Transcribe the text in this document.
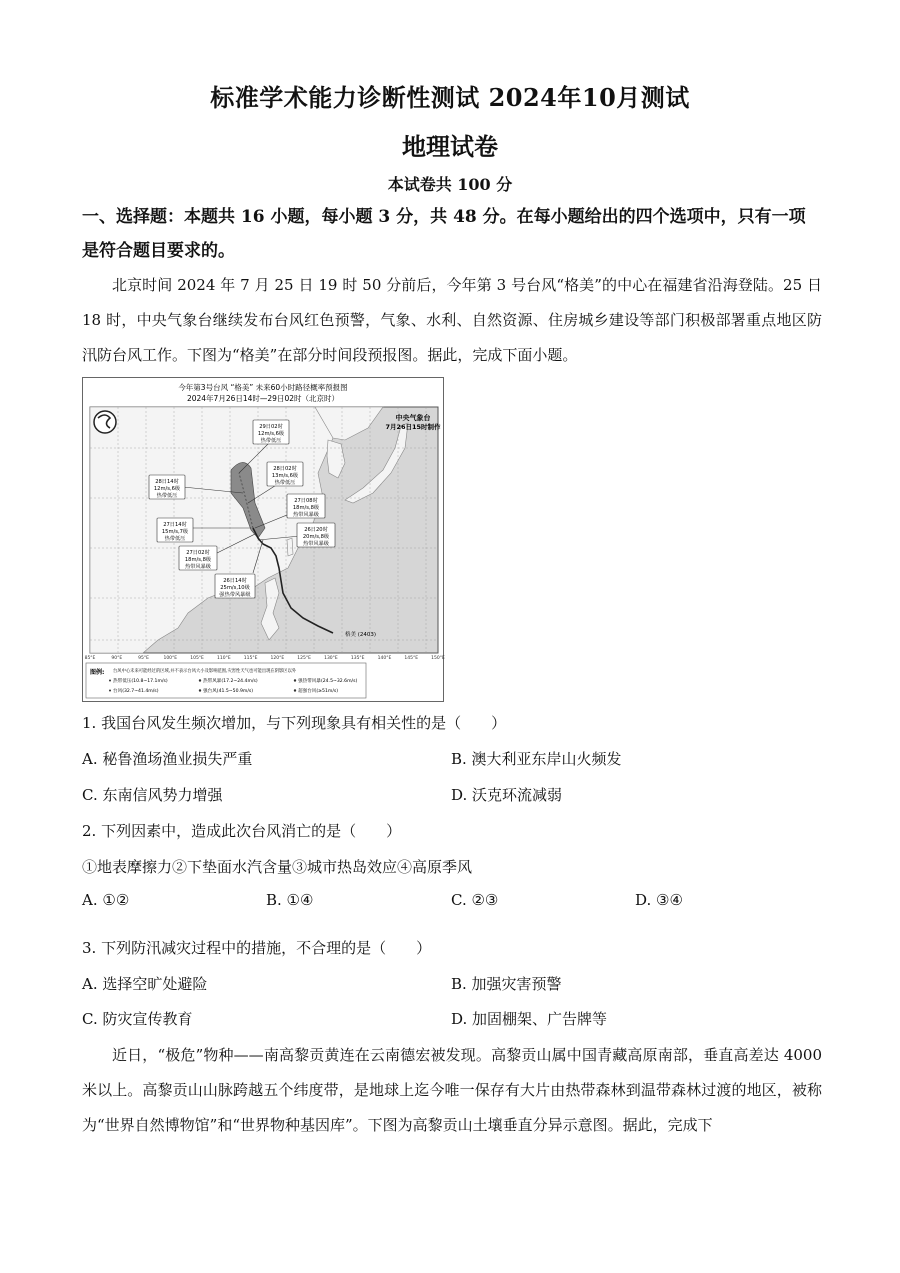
标准学术能力诊断性测试 2024年10月测试
地理试卷
本试卷共 100 分
一、选择题：本题共 16 小题，每小题 3 分，共 48 分。在每小题给出的四个选项中，只有一项
是符合题目要求的。
北京时间 2024 年 7 月 25 日 19 时 50 分前后，今年第 3 号台风“格美”的中心在福建省沿海登陆。25 日 18 时，中央气象台继续发布台风红色预警，气象、水利、自然资源、住房城乡建设等部门积极部署重点地区防汛防台风工作。下图为“格美”在部分时间段预报图。据此，完成下面小题。
今年第3号台风 “格美” 未来60小时路径概率预报图
2024年7月26日14时—29日02时（北京时）
中央气象台
7月26日15时制作
格美 (2403)
29日02时
12m/s,6级
热带低压
28日02时
13m/s,6级
热带低压
28日14时
12m/s,6级
热带低压
27日08时
18m/s,8级
热带风暴级
27日14时
15m/s,7级
热带低压
26日20时
20m/s,8级
热带风暴级
27日02时
18m/s,8级
热带风暴级
26日14时
25m/s,10级
强热带风暴级
85°E	90°E	95°E	100°E	105°E	110°E	115°E	120°E	125°E	130°E	135°E	140°E	145°E	150°E
图例: 台风中心未来可能经过的区域,并不表示台风大小及影响范围,灾害性天气也可能出现在阴影区以外
热带低压(10.8~17.1m/s)	热带风暴(17.2~24.4m/s)	强热带风暴(24.5~32.6m/s)
台风(32.7~41.4m/s)	强台风(41.5~50.9m/s)	超强台风(≥51m/s)
1. 我国台风发生频次增加，与下列现象具有相关性的是（　　）
A. 秘鲁渔场渔业损失严重	B. 澳大利亚东岸山火频发
C. 东南信风势力增强	D. 沃克环流减弱
2. 下列因素中，造成此次台风消亡的是（　　）
①地表摩擦力②下垫面水汽含量③城市热岛效应④高原季风
A. ①②	B. ①④	C. ②③	D. ③④
3. 下列防汛减灾过程中的措施，不合理的是（　　）
A. 选择空旷处避险	B. 加强灾害预警
C. 防灾宣传教育	D. 加固棚架、广告牌等
近日，“极危”物种——南高黎贡黄连在云南德宏被发现。高黎贡山属中国青藏高原南部，垂直高差达 4000 米以上。高黎贡山山脉跨越五个纬度带，是地球上迄今唯一保存有大片由热带森林到温带森林过渡的地区，被称为“世界自然博物馆”和“世界物种基因库”。下图为高黎贡山土壤垂直分异示意图。据此，完成下
